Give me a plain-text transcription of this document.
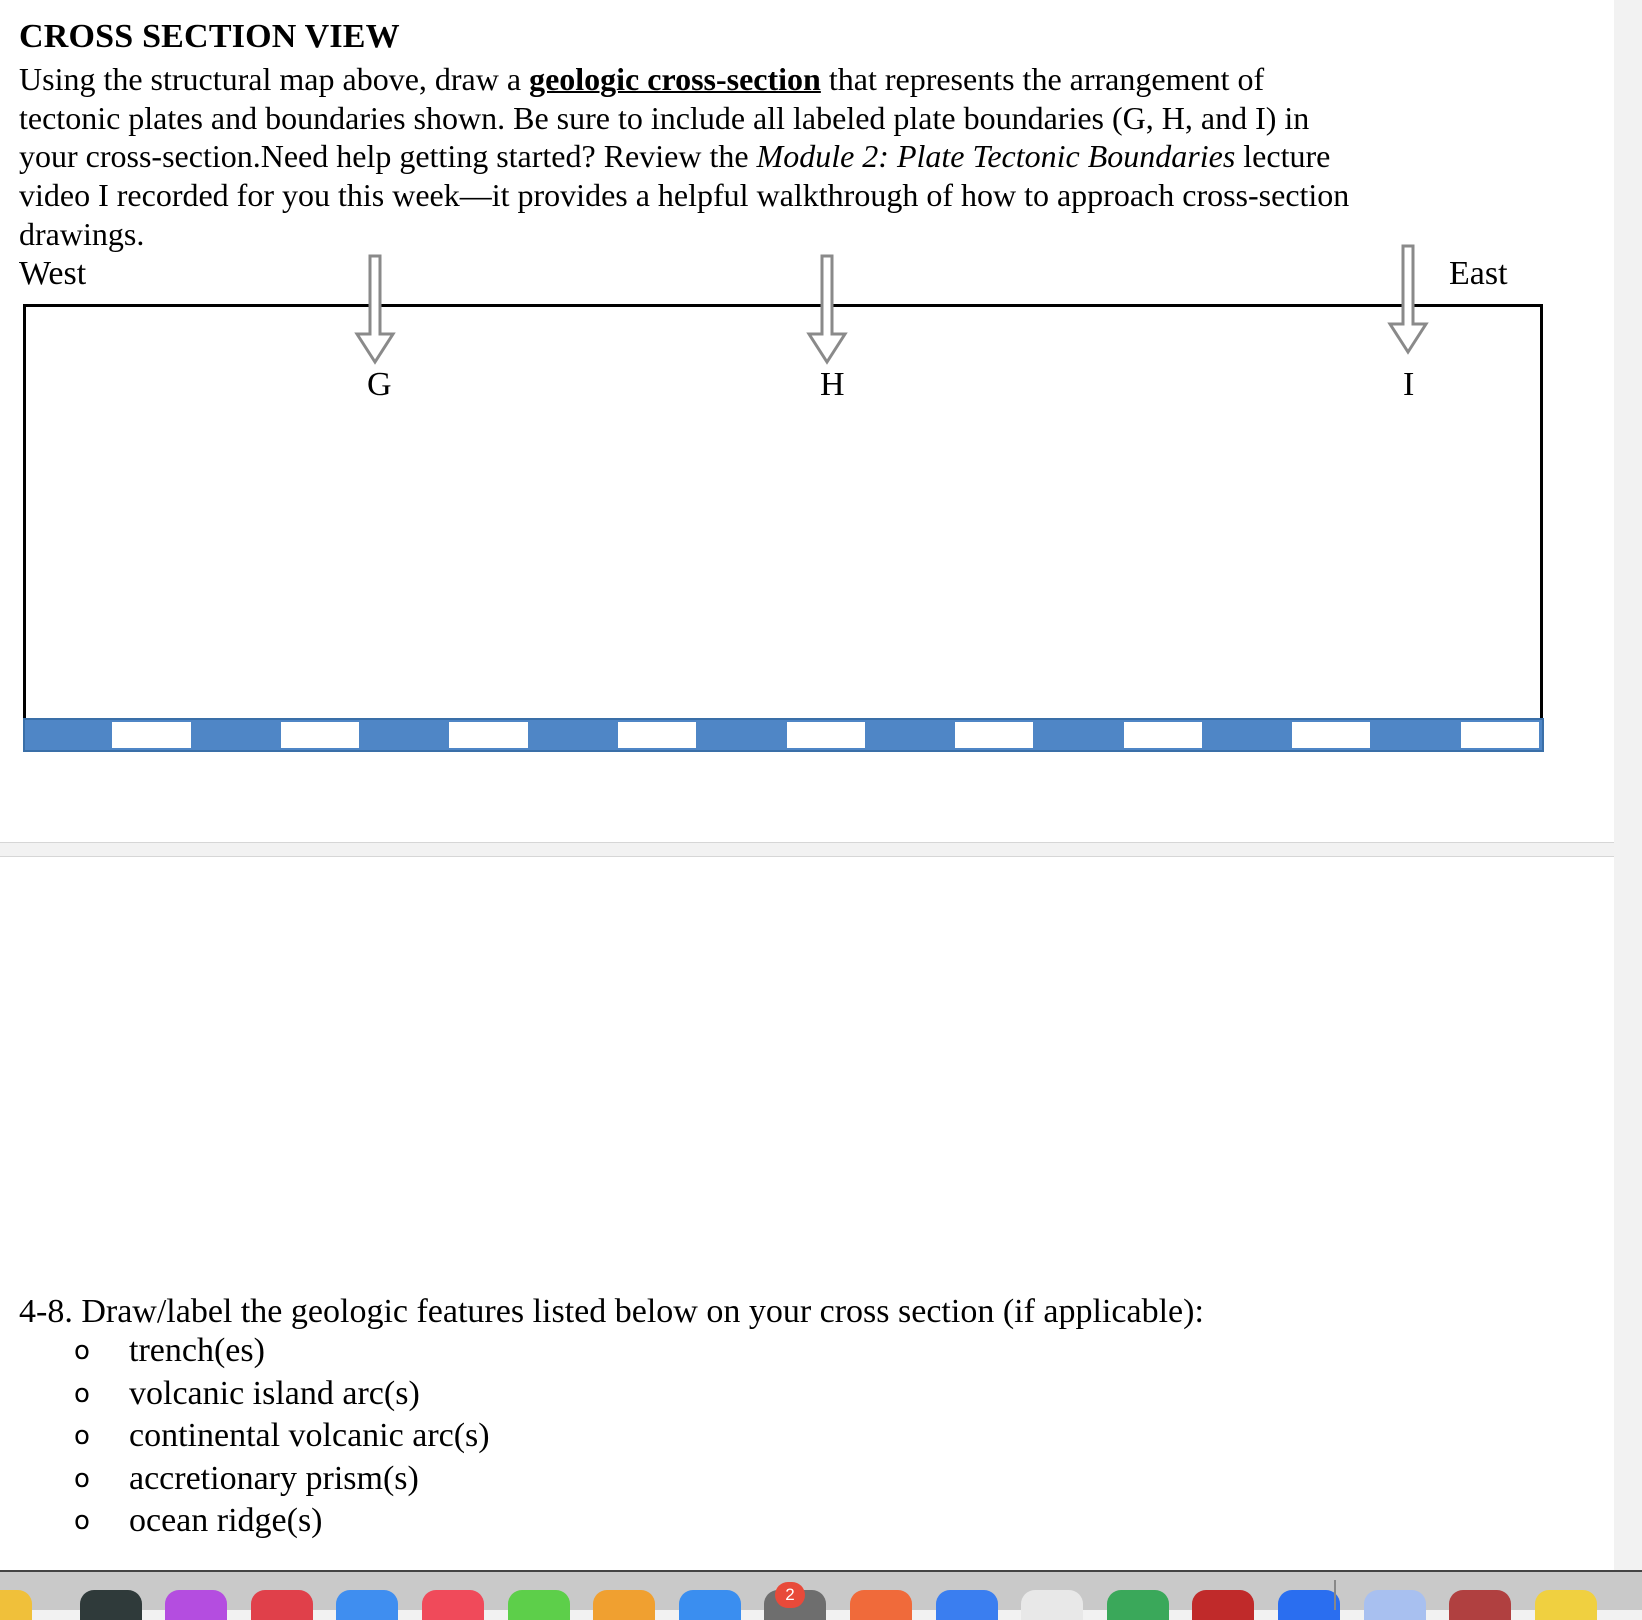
CROSS SECTION VIEW
Using the structural map above, draw a geologic cross-section that represents the arrangement of tectonic plates and boundaries shown. Be sure to include all labeled plate boundaries (G, H, and I) in your cross-section.Need help getting started? Review the Module 2: Plate Tectonic Boundaries lecture video I recorded for you this week—it provides a helpful walkthrough of how to approach cross-section drawings.
West	East
G	H	I
4-8. Draw/label the geologic features listed below on your cross section (if applicable):
o trench(es)
o volcanic island arc(s)
o continental volcanic arc(s)
o accretionary prism(s)
o ocean ridge(s)
2
